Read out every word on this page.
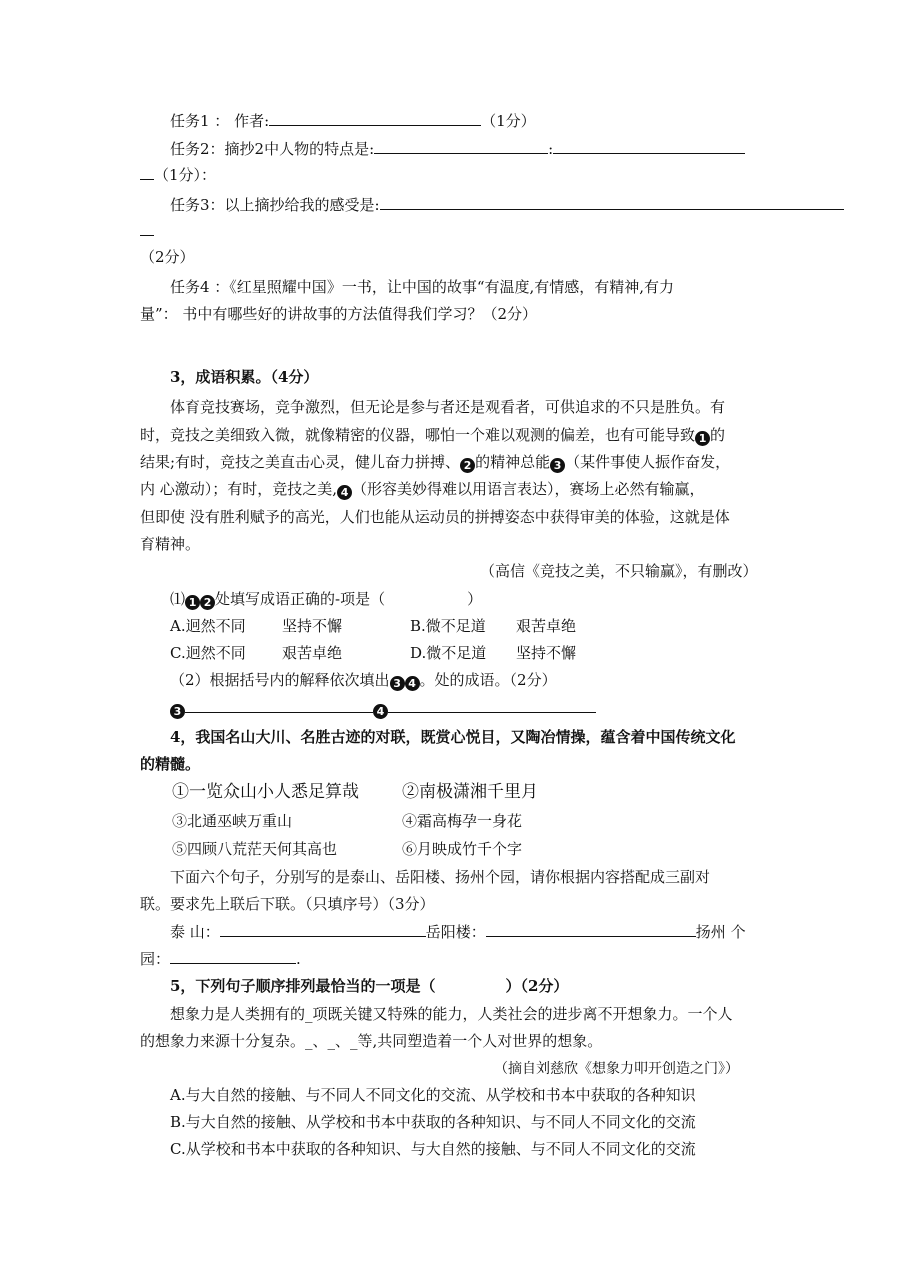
任务1 ： 作者:	（1分）
任务2：摘抄2中人物的特点是:	:
（1分）：
任务3：以上摘抄给我的感受是:
（2分）
任务4 ：《红星照耀中国》一书，让中国的故事“有温度,有情感，有精神,有力
量”： 书中有哪些好的讲故事的方法值得我们学习？（2分）
3，成语积累。（4分）
体育竞技赛场，竞争激烈，但无论是参与者还是观看者，可供追求的不只是胜负。有
时，竞技之美细致入微，就像精密的仪器，哪怕一个难以观测的偏差，也有可能导致 1 的
结果;有时，竞技之美直击心灵，健儿奋力拼搏、 2 的精神总能 3 （某件事使人振作奋发，
内 心激动）；有时，竞技之美, 4 （形容美妙得难以用语言表达），赛场上必然有输赢，
但即使 没有胜利赋予的高光，人们也能从运动员的拼搏姿态中获得审美的体验，这就是体
育精神。
（高信《竞技之美，不只输赢》，有删改）
⑴ 1 2 处填写成语正确的-项是（	）
A.迥然不同 坚持不懈	B.微不足道 艰苦卓绝
C.迥然不同 艰苦卓绝	D.微不足道 坚持不懈
（2）根据括号内的解释依次填出 3 4 。处的成语。（2分）
3	4
4，我国名山大川、名胜古迹的对联，既赏心悦目，又陶冶情操，蕴含着中国传统文化
的精髓。
①一览众山小人悉足算哉	②南极潇湘千里月
③北通巫峡万重山	④霜高梅孕一身花
⑤四顾八荒茫天何其高也	⑥月映成竹千个字
下面六个句子，分别写的是泰山、岳阳楼、扬州个园，请你根据内容搭配成三副对
联。要求先上联后下联。（只填序号）（3分）
泰 山：	岳阳楼：	扬州 个
园：	.
5，下列句子顺序排列最恰当的一项是（	）（2分）
想象力是人类拥有的_项既关键又特殊的能力，人类社会的进步离不开想象力。一个人
的想象力来源十分复杂。_、_、_等,共同塑造着一个人对世界的想象。
（摘自刘慈欣《想象力叩开创造之门》）
A.与大自然的接触、与不同人不同文化的交流、从学校和书本中获取的各种知识
B.与大自然的接触、从学校和书本中获取的各种知识、与不同人不同文化的交流
C.从学校和书本中获取的各种知识、与大自然的接触、与不同人不同文化的交流
